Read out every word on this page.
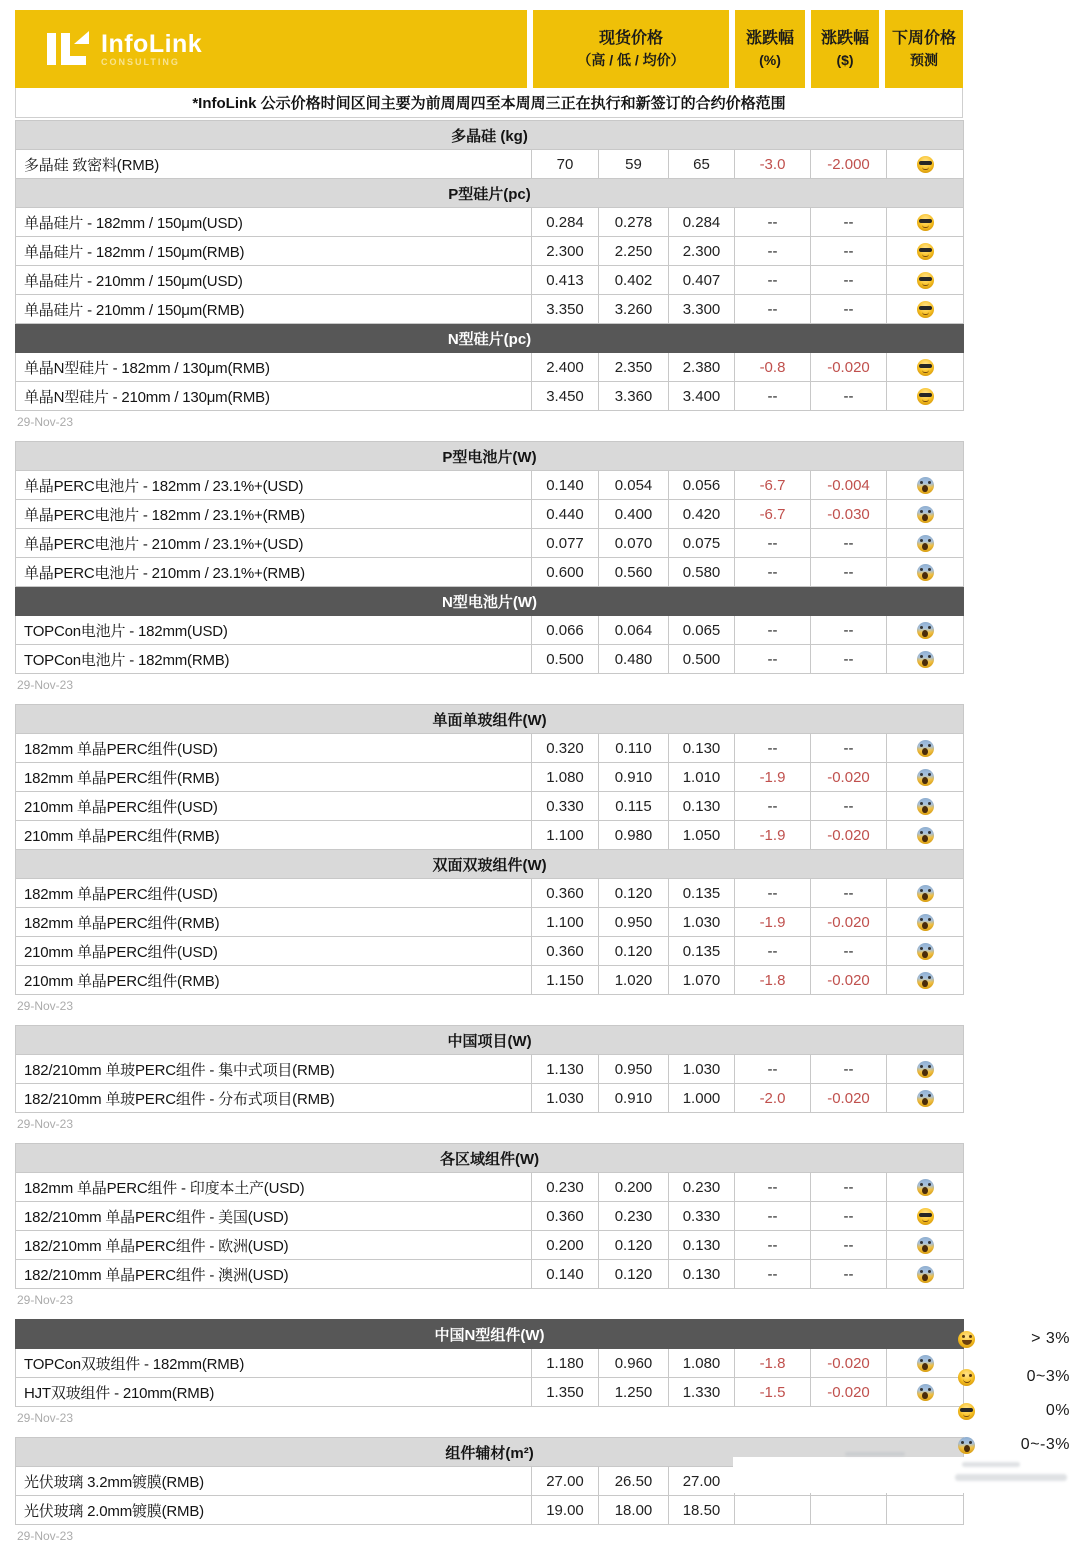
InfoLink
CONSULTING
现货价格
（高 / 低 / 均价）
涨跌幅
(%)
涨跌幅
($)
下周价格
预测
*InfoLink 公示价格时间区间主要为前周周四至本周周三正在执行和新签订的合约价格范围
多晶硅 (kg)						
多晶硅 致密料(RMB)	70	59	65	-3.0	-2.000	
P型硅片(pc)						
单晶硅片 - 182mm / 150μm(USD)	0.284	0.278	0.284	--	--	
单晶硅片 - 182mm / 150μm(RMB)	2.300	2.250	2.300	--	--	
单晶硅片 - 210mm / 150μm(USD)	0.413	0.402	0.407	--	--	
单晶硅片 - 210mm / 150μm(RMB)	3.350	3.260	3.300	--	--	
N型硅片(pc)						
单晶N型硅片 - 182mm / 130μm(RMB)	2.400	2.350	2.380	-0.8	-0.020	
单晶N型硅片 - 210mm / 130μm(RMB)	3.450	3.360	3.400	--	--	
29-Nov-23
P型电池片(W)						
单晶PERC电池片 - 182mm / 23.1%+(USD)	0.140	0.054	0.056	-6.7	-0.004	
单晶PERC电池片 - 182mm / 23.1%+(RMB)	0.440	0.400	0.420	-6.7	-0.030	
单晶PERC电池片 - 210mm / 23.1%+(USD)	0.077	0.070	0.075	--	--	
单晶PERC电池片 - 210mm / 23.1%+(RMB)	0.600	0.560	0.580	--	--	
N型电池片(W)						
TOPCon电池片 - 182mm(USD)	0.066	0.064	0.065	--	--	
TOPCon电池片 - 182mm(RMB)	0.500	0.480	0.500	--	--	
29-Nov-23
单面单玻组件(W)						
182mm 单晶PERC组件(USD)	0.320	0.110	0.130	--	--	
182mm 单晶PERC组件(RMB)	1.080	0.910	1.010	-1.9	-0.020	
210mm 单晶PERC组件(USD)	0.330	0.115	0.130	--	--	
210mm 单晶PERC组件(RMB)	1.100	0.980	1.050	-1.9	-0.020	
双面双玻组件(W)						
182mm 单晶PERC组件(USD)	0.360	0.120	0.135	--	--	
182mm 单晶PERC组件(RMB)	1.100	0.950	1.030	-1.9	-0.020	
210mm 单晶PERC组件(USD)	0.360	0.120	0.135	--	--	
210mm 单晶PERC组件(RMB)	1.150	1.020	1.070	-1.8	-0.020	
29-Nov-23
中国项目(W)						
182/210mm 单玻PERC组件 - 集中式项目(RMB)	1.130	0.950	1.030	--	--	
182/210mm 单玻PERC组件 - 分布式项目(RMB)	1.030	0.910	1.000	-2.0	-0.020	
29-Nov-23
各区域组件(W)						
182mm 单晶PERC组件 - 印度本土产(USD)	0.230	0.200	0.230	--	--	
182/210mm 单晶PERC组件 - 美国(USD)	0.360	0.230	0.330	--	--	
182/210mm 单晶PERC组件 - 欧洲(USD)	0.200	0.120	0.130	--	--	
182/210mm 单晶PERC组件 - 澳洲(USD)	0.140	0.120	0.130	--	--	
29-Nov-23
中国N型组件(W)						
TOPCon双玻组件 - 182mm(RMB)	1.180	0.960	1.080	-1.8	-0.020	
HJT双玻组件 - 210mm(RMB)	1.350	1.250	1.330	-1.5	-0.020	
29-Nov-23
组件辅材(m²)						
光伏玻璃 3.2mm镀膜(RMB)	27.00	26.50	27.00			
光伏玻璃 2.0mm镀膜(RMB)	19.00	18.00	18.50			
29-Nov-23
> 3%
0~3%
0%
0~-3%
